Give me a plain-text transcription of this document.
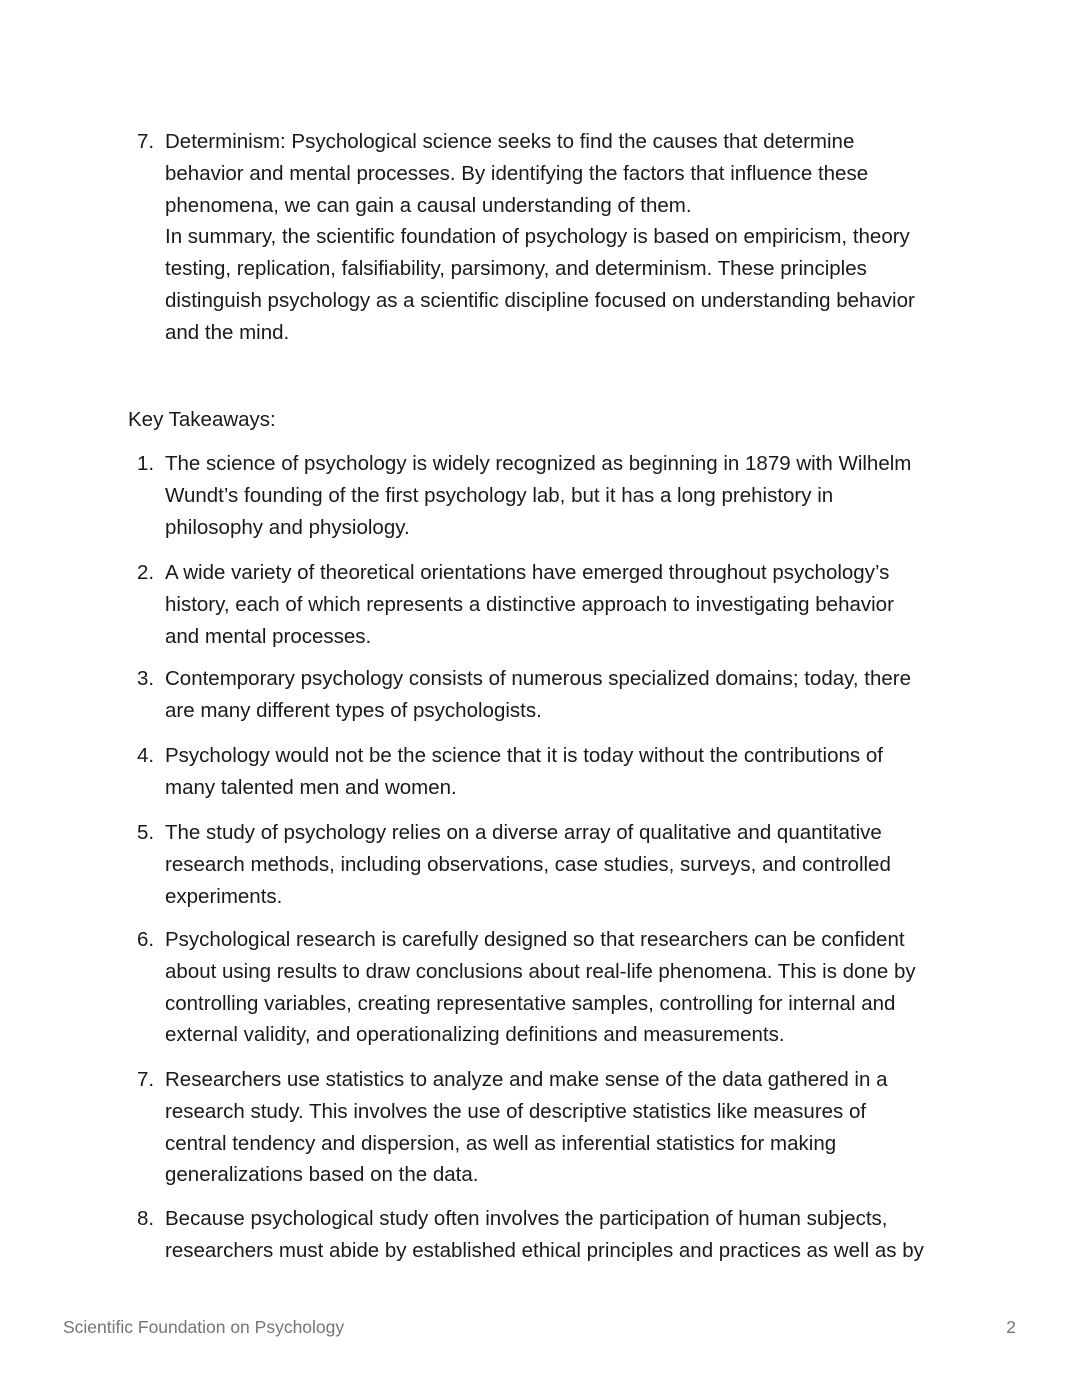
7. Determinism: Psychological science seeks to find the causes that determine
behavior and mental processes. By identifying the factors that influence these
phenomena, we can gain a causal understanding of them.
In summary, the scientific foundation of psychology is based on empiricism, theory
testing, replication, falsifiability, parsimony, and determinism. These principles
distinguish psychology as a scientific discipline focused on understanding behavior
and the mind.
Key Takeaways:
1. The science of psychology is widely recognized as beginning in 1879 with Wilhelm
Wundt’s founding of the first psychology lab, but it has a long prehistory in
philosophy and physiology.
2. A wide variety of theoretical orientations have emerged throughout psychology’s
history, each of which represents a distinctive approach to investigating behavior
and mental processes.
3. Contemporary psychology consists of numerous specialized domains; today, there
are many different types of psychologists.
4. Psychology would not be the science that it is today without the contributions of
many talented men and women.
5. The study of psychology relies on a diverse array of qualitative and quantitative
research methods, including observations, case studies, surveys, and controlled
experiments.
6. Psychological research is carefully designed so that researchers can be confident
about using results to draw conclusions about real-life phenomena. This is done by
controlling variables, creating representative samples, controlling for internal and
external validity, and operationalizing definitions and measurements.
7. Researchers use statistics to analyze and make sense of the data gathered in a
research study. This involves the use of descriptive statistics like measures of
central tendency and dispersion, as well as inferential statistics for making
generalizations based on the data.
8. Because psychological study often involves the participation of human subjects,
researchers must abide by established ethical principles and practices as well as by
Scientific Foundation on Psychology	2
